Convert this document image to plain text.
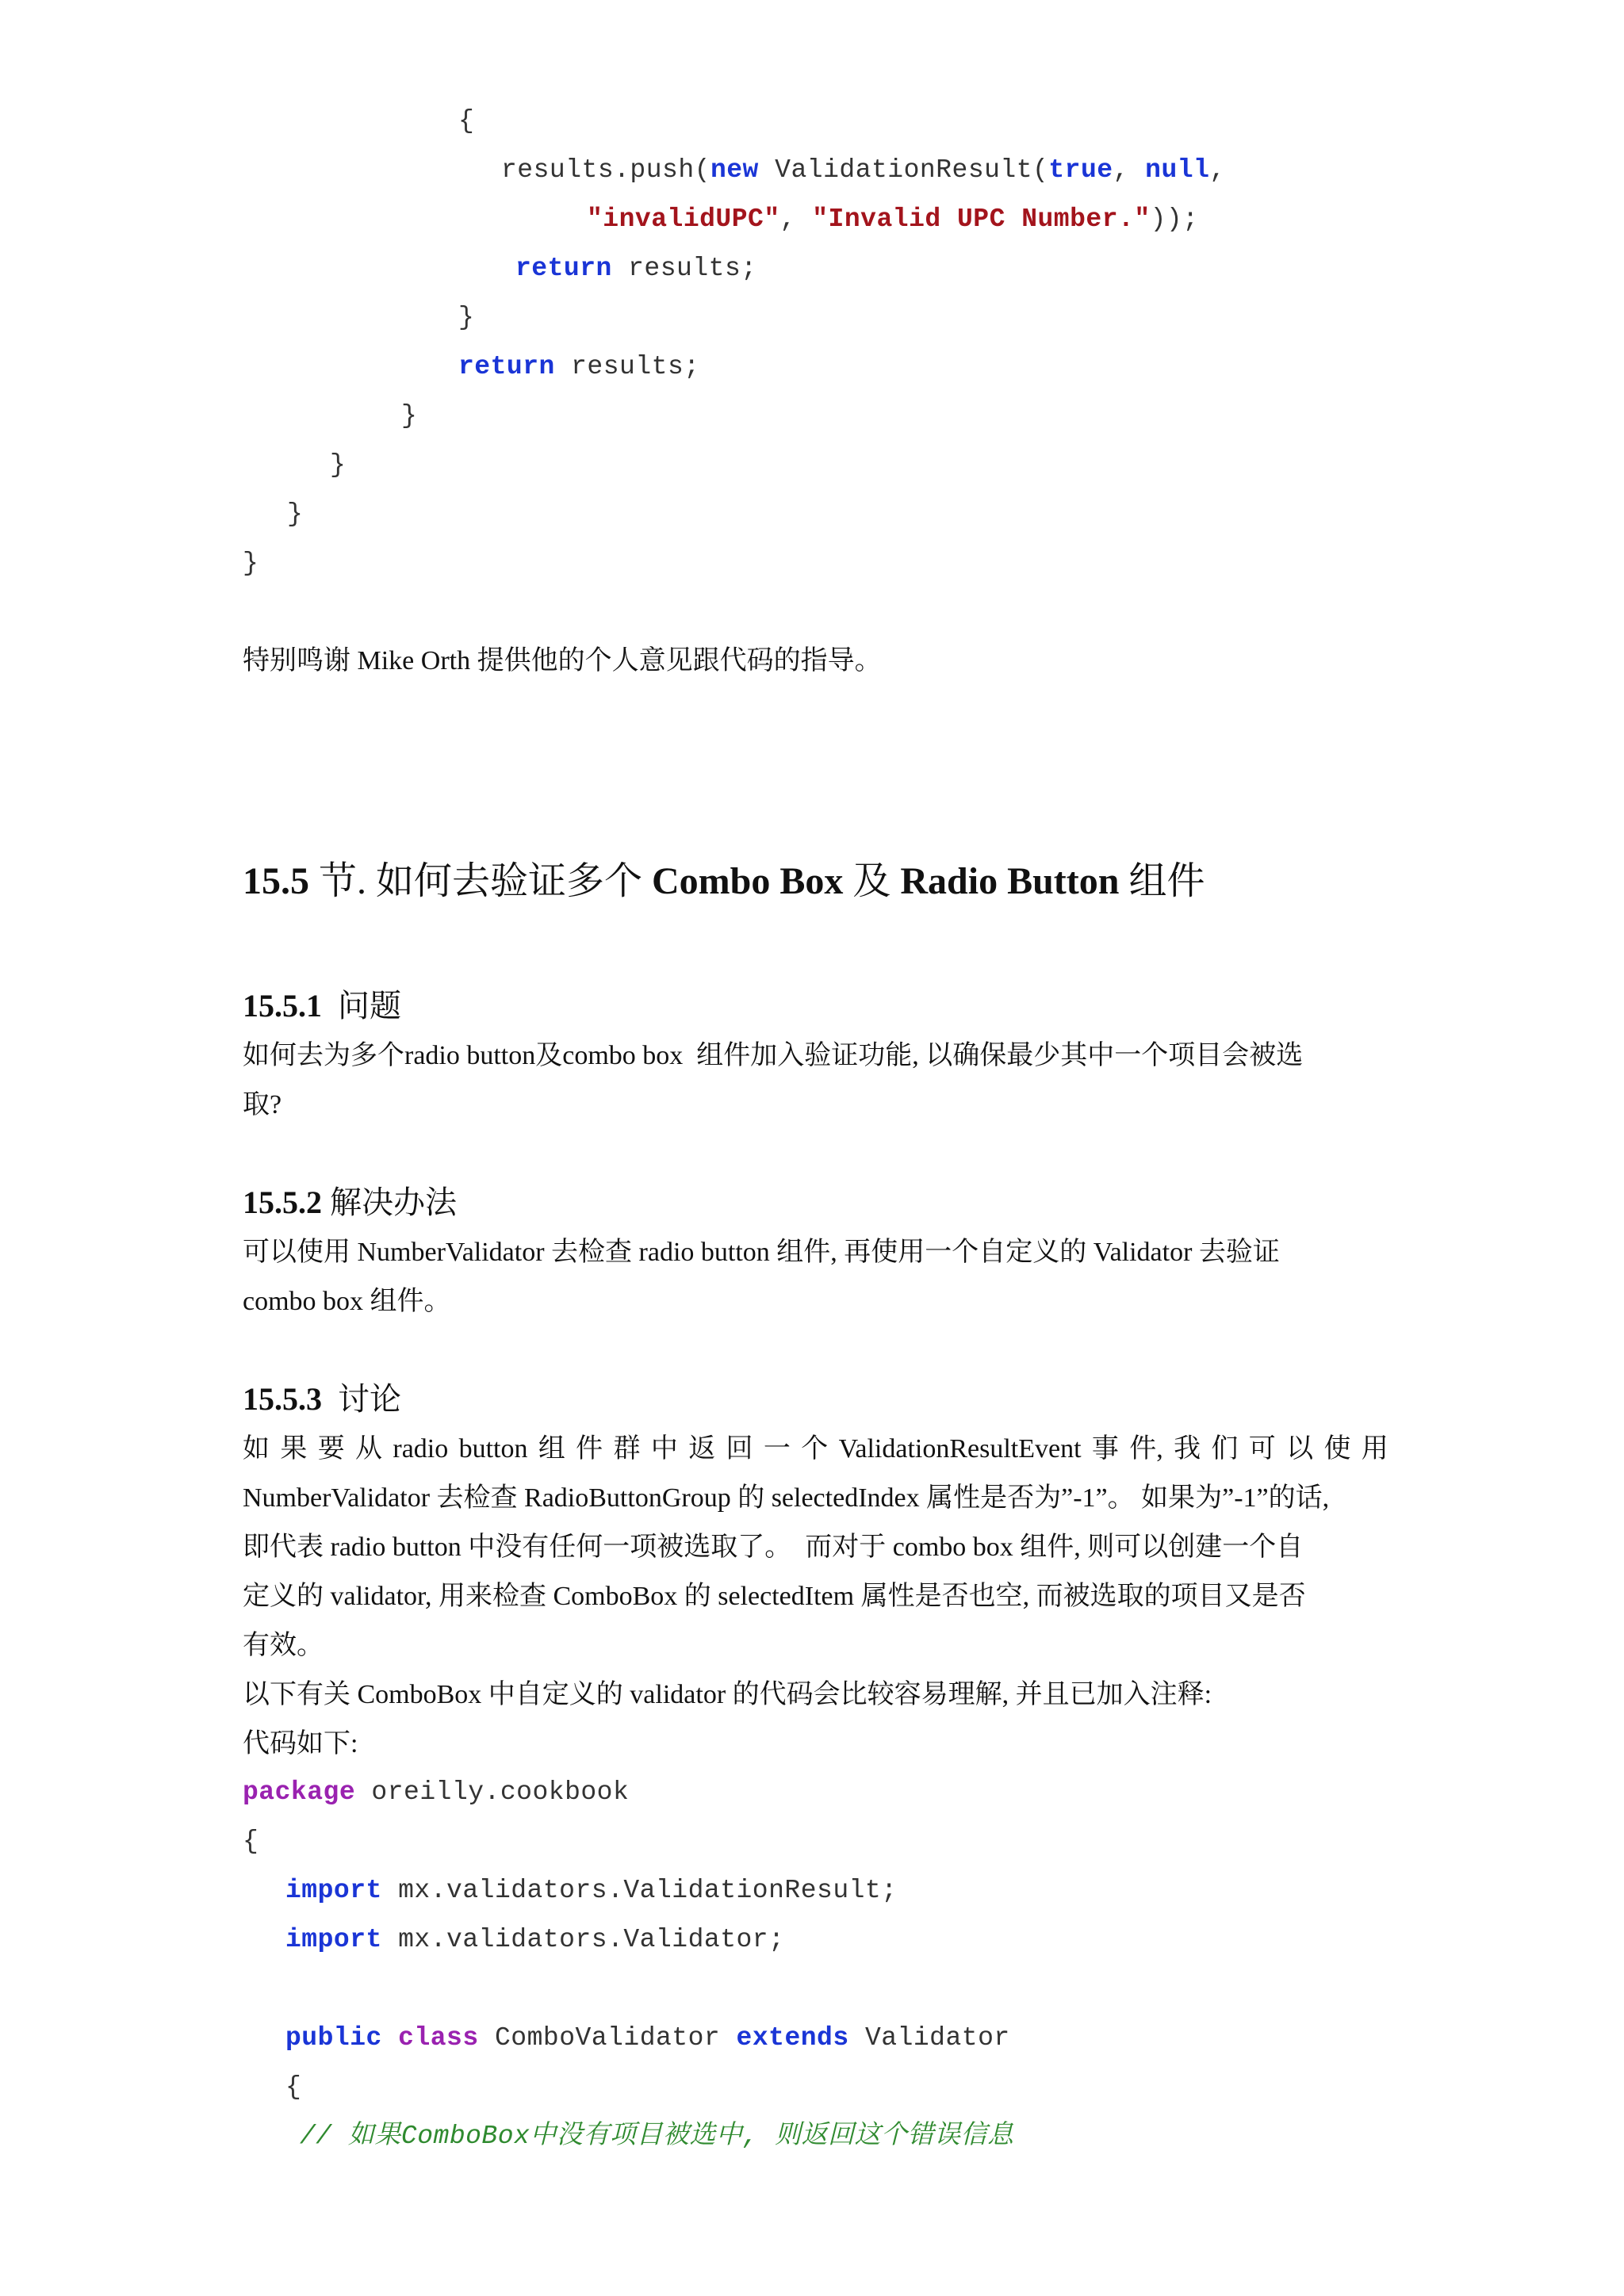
{
results.push(new ValidationResult(true, null,
"invalidUPC", "Invalid UPC Number."));
return results;
}
return results;
}
}
}
}
特别鸣谢 Mike Orth 提供他的个人意见跟代码的指导。
15.5 节. 如何去验证多个 Combo Box 及 Radio Button 组件
15.5.1  问题
如何去为多个radio button及combo box  组件加入验证功能, 以确保最少其中一个项目会被选
取?
15.5.2 解决办法
可以使用 NumberValidator 去检查 radio button 组件, 再使用一个自定义的 Validator 去验证
combo box 组件。
15.5.3  讨论
如 果 要 从 radio button 组 件 群 中 返 回 一 个 ValidationResultEvent 事 件, 我 们 可 以 使 用
NumberValidator 去检查 RadioButtonGroup 的 selectedIndex 属性是否为”-1”。 如果为”-1”的话,
即代表 radio button 中没有任何一项被选取了。  而对于 combo box 组件, 则可以创建一个自
定义的 validator, 用来检查 ComboBox 的 selectedItem 属性是否也空, 而被选取的项目又是否
有效。
以下有关 ComboBox 中自定义的 validator 的代码会比较容易理解, 并且已加入注释:
代码如下:
package oreilly.cookbook
{
import mx.validators.ValidationResult;
import mx.validators.Validator;
public class ComboValidator extends Validator
{
// 如果ComboBox中没有项目被选中, 则返回这个错误信息
